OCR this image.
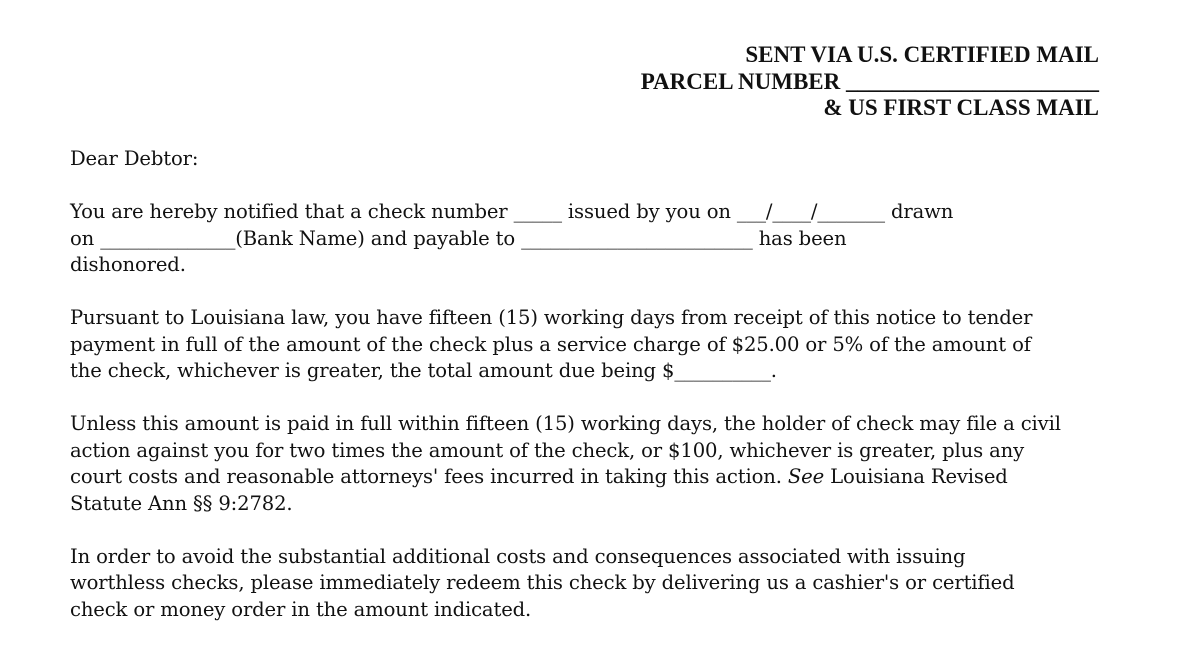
SENT VIA U.S. CERTIFIED MAIL
PARCEL NUMBER ______________________
& US FIRST CLASS MAIL
Dear Debtor:
You are hereby notified that a check number _____ issued by you on ___/____/_______ drawn
on ______________(Bank Name) and payable to ________________________ has been
dishonored.
Pursuant to Louisiana law, you have fifteen (15) working days from receipt of this notice to tender
payment in full of the amount of the check plus a service charge of $25.00 or 5% of the amount of
the check, whichever is greater, the total amount due being $__________.
Unless this amount is paid in full within fifteen (15) working days, the holder of check may file a civil
action against you for two times the amount of the check, or $100, whichever is greater, plus any
court costs and reasonable attorneys' fees incurred in taking this action. See Louisiana Revised
Statute Ann §§ 9:2782.
In order to avoid the substantial additional costs and consequences associated with issuing
worthless checks, please immediately redeem this check by delivering us a cashier's or certified
check or money order in the amount indicated.
